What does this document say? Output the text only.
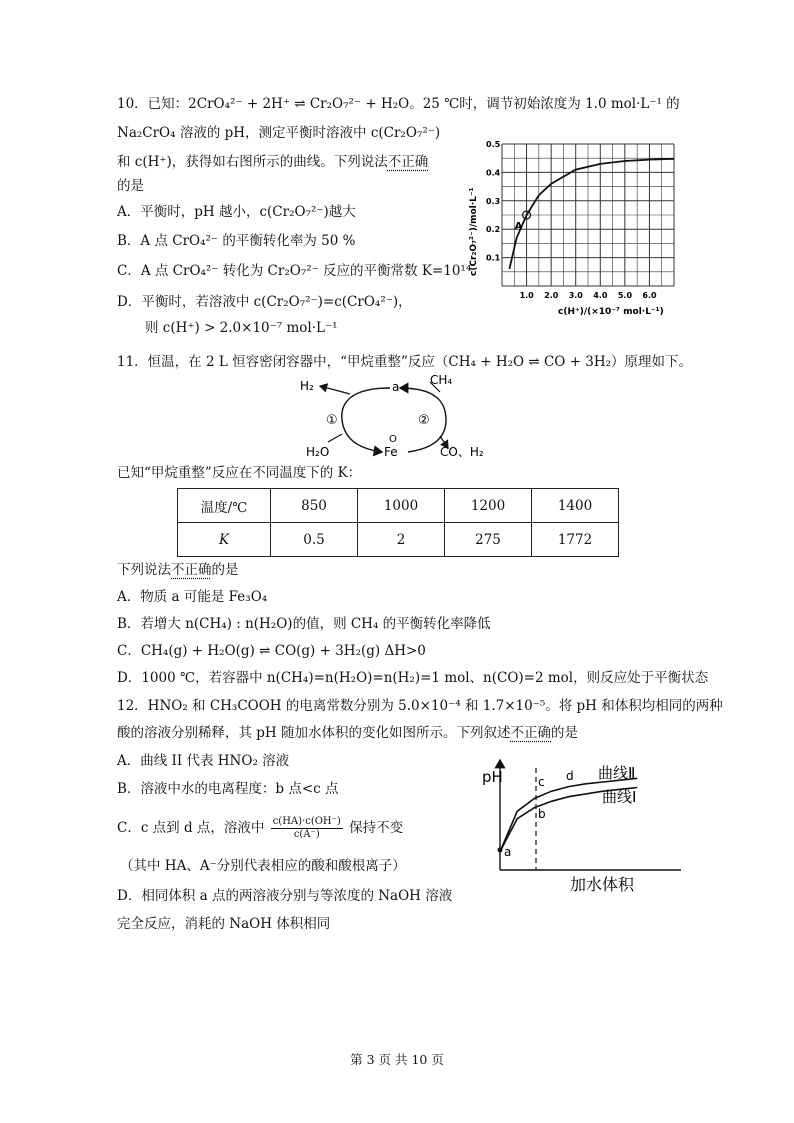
10．已知：2CrO₄²⁻ + 2H⁺ ⇌ Cr₂O₇²⁻ + H₂O。25 ℃时，调节初始浓度为 1.0 mol·L⁻¹ 的
Na₂CrO₄ 溶液的 pH，测定平衡时溶液中 c(Cr₂O₇²⁻)
和 c(H⁺)，获得如右图所示的曲线。下列说法不正确
的是
A．平衡时，pH 越小，c(Cr₂O₇²⁻)越大
B．A 点 CrO₄²⁻ 的平衡转化率为 50 %
C．A 点 CrO₄²⁻ 转化为 Cr₂O₇²⁻ 反应的平衡常数 K=10¹⁴
D．平衡时，若溶液中 c(Cr₂O₇²⁻)=c(CrO₄²⁻)，
则 c(H⁺) > 2.0×10⁻⁷ mol·L⁻¹
1.0 2.0 3.0 4.0 5.0 6.0
0.1
0.2
0.3
0.4
0.5
A
c(Cr₂O₇²⁻)/mol·L⁻¹
c(H⁺)/(×10⁻⁷ mol·L⁻¹)
11．恒温，在 2 L 恒容密闭容器中，“甲烷重整”反应（CH₄ + H₂O ⇌ CO + 3H₂）原理如下。
H₂	a	CH₄
①	②
H₂O
O
Fe	CO、H₂
已知“甲烷重整”反应在不同温度下的 K：
温度/℃	850	1000	1200	1400
K	0.5	2	275	1772
下列说法不正确的是
A．物质 a 可能是 Fe₃O₄
B．若增大 n(CH₄) : n(H₂O)的值，则 CH₄ 的平衡转化率降低
C．CH₄(g) + H₂O(g) ⇌ CO(g) + 3H₂(g) ΔH>0
D．1000 ℃，若容器中 n(CH₄)=n(H₂O)=n(H₂)=1 mol、n(CO)=2 mol，则反应处于平衡状态
12．HNO₂ 和 CH₃COOH 的电离常数分别为 5.0×10⁻⁴ 和 1.7×10⁻⁵。将 pH 和体积均相同的两种
酸的溶液分别稀释，其 pH 随加水体积的变化如图所示。下列叙述不正确的是
A．曲线 II 代表 HNO₂ 溶液
B．溶液中水的电离程度：b 点<c 点
C．c 点到 d 点，溶液中 $\frac{c(HA)\cdot c(OH^-)}{c(A^-)}$ 保持不变
（其中 HA、A⁻分别代表相应的酸和酸根离子）
D．相同体积 a 点的两溶液分别与等浓度的 NaOH 溶液
完全反应，消耗的 NaOH 体积相同
pH
加水体积
a
b
c d 曲线Ⅱ
曲线Ⅰ
第 3 页 共 10 页
